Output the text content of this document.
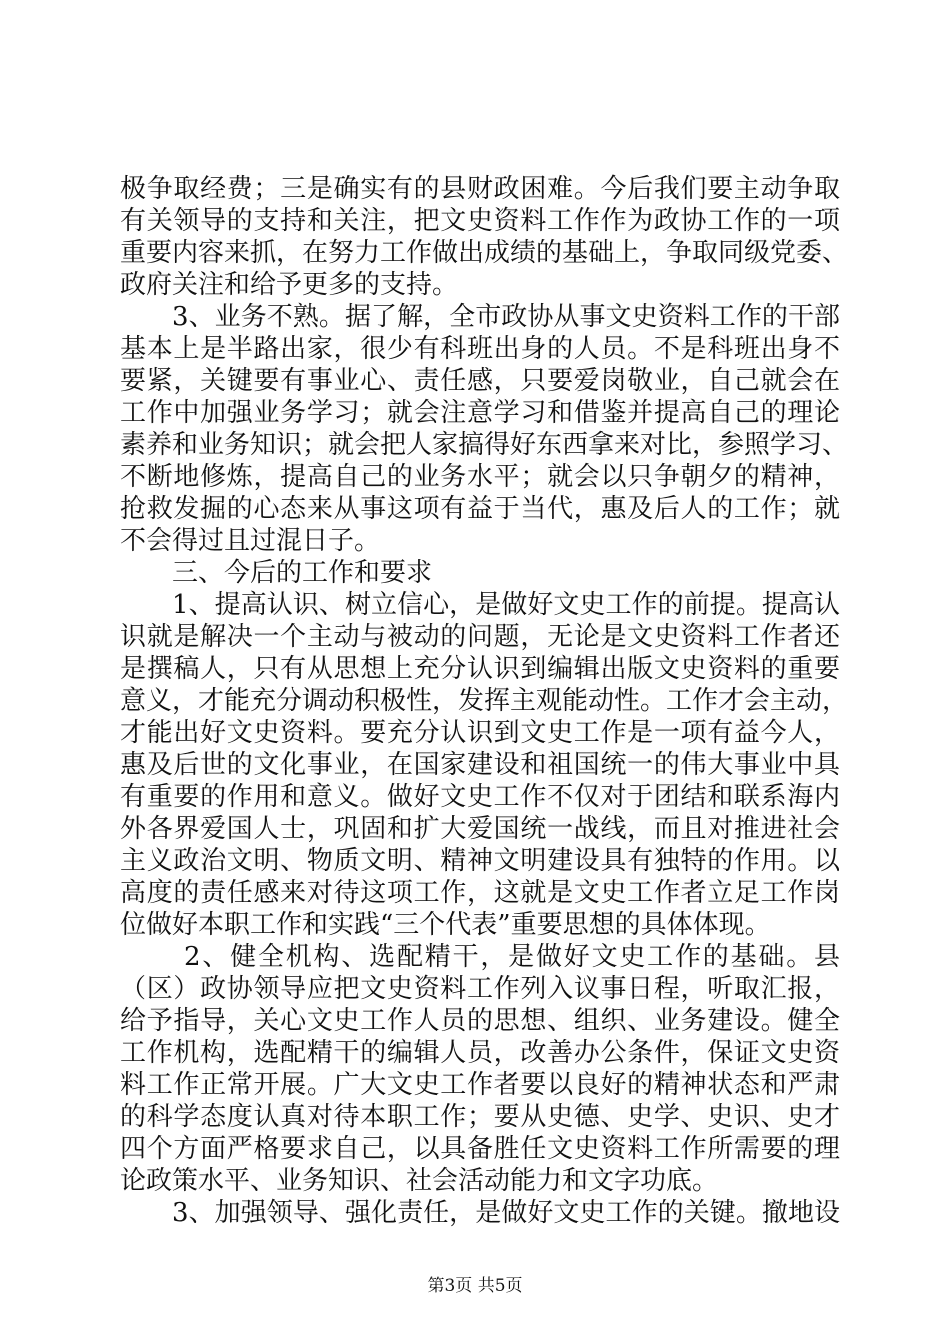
极争取经费；三是确实有的县财政困难。今后我们要主动争取
有关领导的支持和关注，把文史资料工作作为政协工作的一项
重要内容来抓，在努力工作做出成绩的基础上，争取同级党委、
政府关注和给予更多的支持。
3、业务不熟。据了解，全市政协从事文史资料工作的干部
基本上是半路出家，很少有科班出身的人员。不是科班出身不
要紧，关键要有事业心、责任感，只要爱岗敬业，自己就会在
工作中加强业务学习；就会注意学习和借鉴并提高自己的理论
素养和业务知识；就会把人家搞得好东西拿来对比，参照学习、
不断地修炼，提高自己的业务水平；就会以只争朝夕的精神，
抢救发掘的心态来从事这项有益于当代，惠及后人的工作；就
不会得过且过混日子。
三、今后的工作和要求
1、提高认识、树立信心，是做好文史工作的前提。提高认
识就是解决一个主动与被动的问题，无论是文史资料工作者还
是撰稿人，只有从思想上充分认识到编辑出版文史资料的重要
意义，才能充分调动积极性，发挥主观能动性。工作才会主动，
才能出好文史资料。要充分认识到文史工作是一项有益今人，
惠及后世的文化事业，在国家建设和祖国统一的伟大事业中具
有重要的作用和意义。做好文史工作不仅对于团结和联系海内
外各界爱国人士，巩固和扩大爱国统一战线，而且对推进社会
主义政治文明、物质文明、精神文明建设具有独特的作用。以
高度的责任感来对待这项工作，这就是文史工作者立足工作岗
位做好本职工作和实践“三个代表”重要思想的具体体现。
2、健全机构、选配精干，是做好文史工作的基础。县
（区）政协领导应把文史资料工作列入议事日程，听取汇报，
给予指导，关心文史工作人员的思想、组织、业务建设。健全
工作机构，选配精干的编辑人员，改善办公条件，保证文史资
料工作正常开展。广大文史工作者要以良好的精神状态和严肃
的科学态度认真对待本职工作；要从史德、史学、史识、史才
四个方面严格要求自己，以具备胜任文史资料工作所需要的理
论政策水平、业务知识、社会活动能力和文字功底。
3、加强领导、强化责任，是做好文史工作的关键。撤地设
第3页 共5页
